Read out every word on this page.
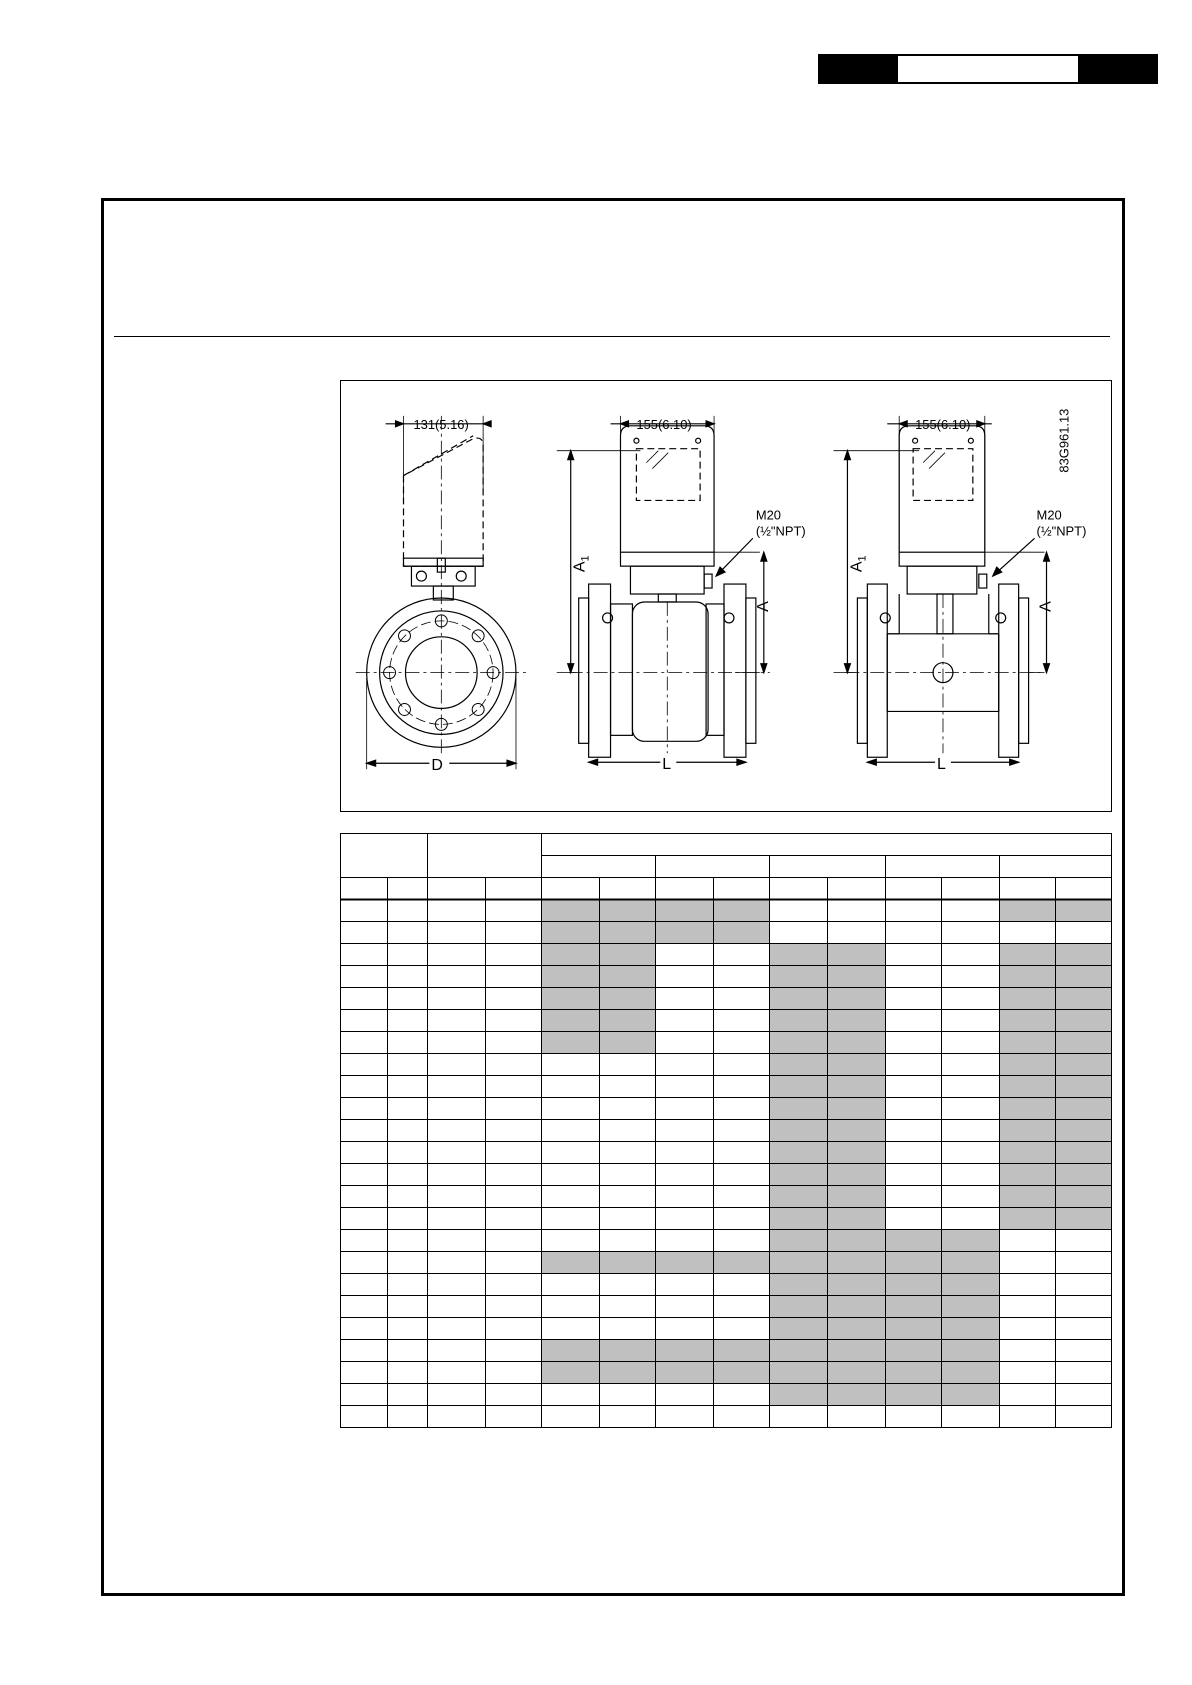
131(5.16)
D
155(6.10)
$A_1$
A
M20
(½"NPT)
L
155(6.10)
$A_1$
A
M20
(½"NPT)
L
83G961.13
